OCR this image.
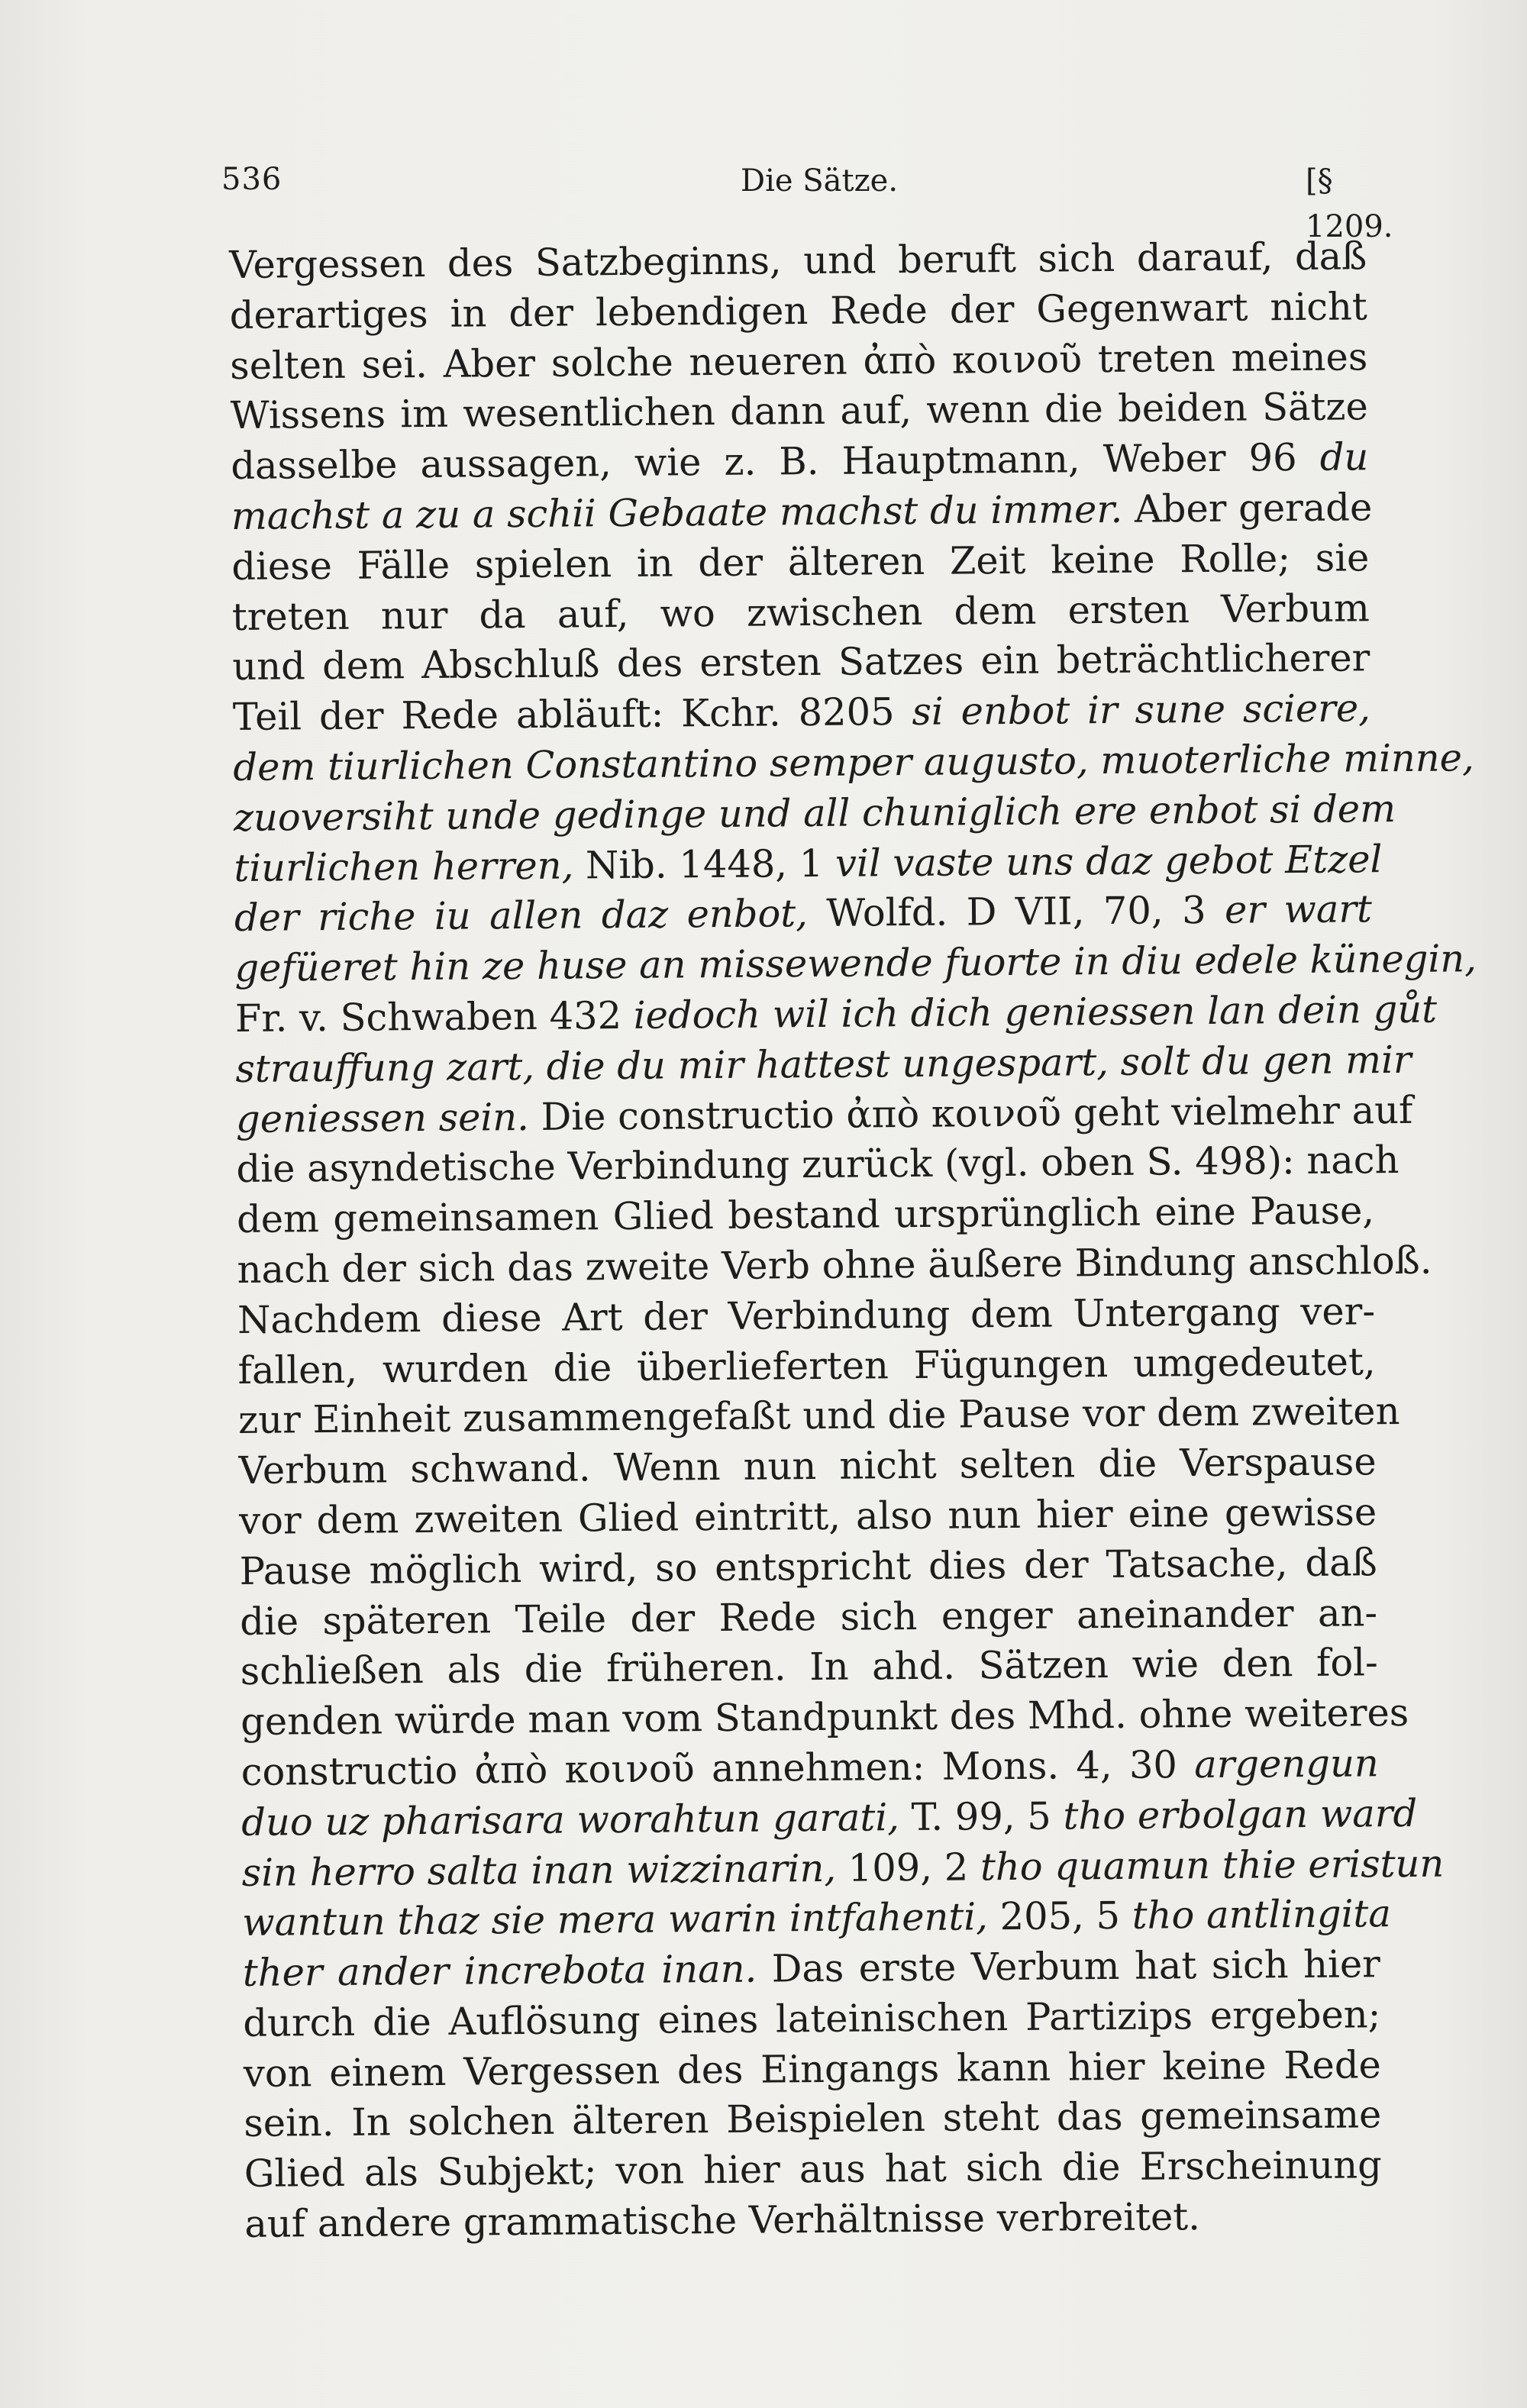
536	Die Sätze.	[§ 1209.
Vergessen des Satzbeginns, und beruft sich darauf, daß
derartiges in der lebendigen Rede der Gegenwart nicht
selten sei. Aber solche neueren ἀπὸ κοινοῦ treten meines
Wissens im wesentlichen dann auf, wenn die beiden Sätze
dasselbe aussagen, wie z. B. Hauptmann, Weber 96 du
machst a zu a schii Gebaate machst du immer. Aber gerade
diese Fälle spielen in der älteren Zeit keine Rolle; sie
treten nur da auf, wo zwischen dem ersten Verbum
und dem Abschluß des ersten Satzes ein beträchtlicherer
Teil der Rede abläuft: Kchr. 8205 si enbot ir sune sciere,
dem tiurlichen Constantino semper augusto, muoterliche minne,
zuoversiht unde gedinge und all chuniglich ere enbot si dem
tiurlichen herren, Nib. 1448, 1 vil vaste uns daz gebot Etzel
der riche iu allen daz enbot, Wolfd. D VII, 70, 3 er wart
gefüeret hin ze huse an missewende fuorte in diu edele künegin,
Fr. v. Schwaben 432 iedoch wil ich dich geniessen lan dein gůt
strauffung zart, die du mir hattest ungespart, solt du gen mir
geniessen sein. Die constructio ἀπὸ κοινοῦ geht vielmehr auf
die asyndetische Verbindung zurück (vgl. oben S. 498): nach
dem gemeinsamen Glied bestand ursprünglich eine Pause,
nach der sich das zweite Verb ohne äußere Bindung anschloß.
Nachdem diese Art der Verbindung dem Untergang ver-
fallen, wurden die überlieferten Fügungen umgedeutet,
zur Einheit zusammengefaßt und die Pause vor dem zweiten
Verbum schwand. Wenn nun nicht selten die Verspause
vor dem zweiten Glied eintritt, also nun hier eine gewisse
Pause möglich wird, so entspricht dies der Tatsache, daß
die späteren Teile der Rede sich enger aneinander an-
schließen als die früheren. In ahd. Sätzen wie den fol-
genden würde man vom Standpunkt des Mhd. ohne weiteres
constructio ἀπὸ κοινοῦ annehmen: Mons. 4, 30 argengun
duo uz pharisara worahtun garati, T. 99, 5 tho erbolgan ward
sin herro salta inan wizzinarin, 109, 2 tho quamun thie eristun
wantun thaz sie mera warin intfahenti, 205, 5 tho antlingita
ther ander increbota inan. Das erste Verbum hat sich hier
durch die Auflösung eines lateinischen Partizips ergeben;
von einem Vergessen des Eingangs kann hier keine Rede
sein. In solchen älteren Beispielen steht das gemeinsame
Glied als Subjekt; von hier aus hat sich die Erscheinung
auf andere grammatische Verhältnisse verbreitet.
